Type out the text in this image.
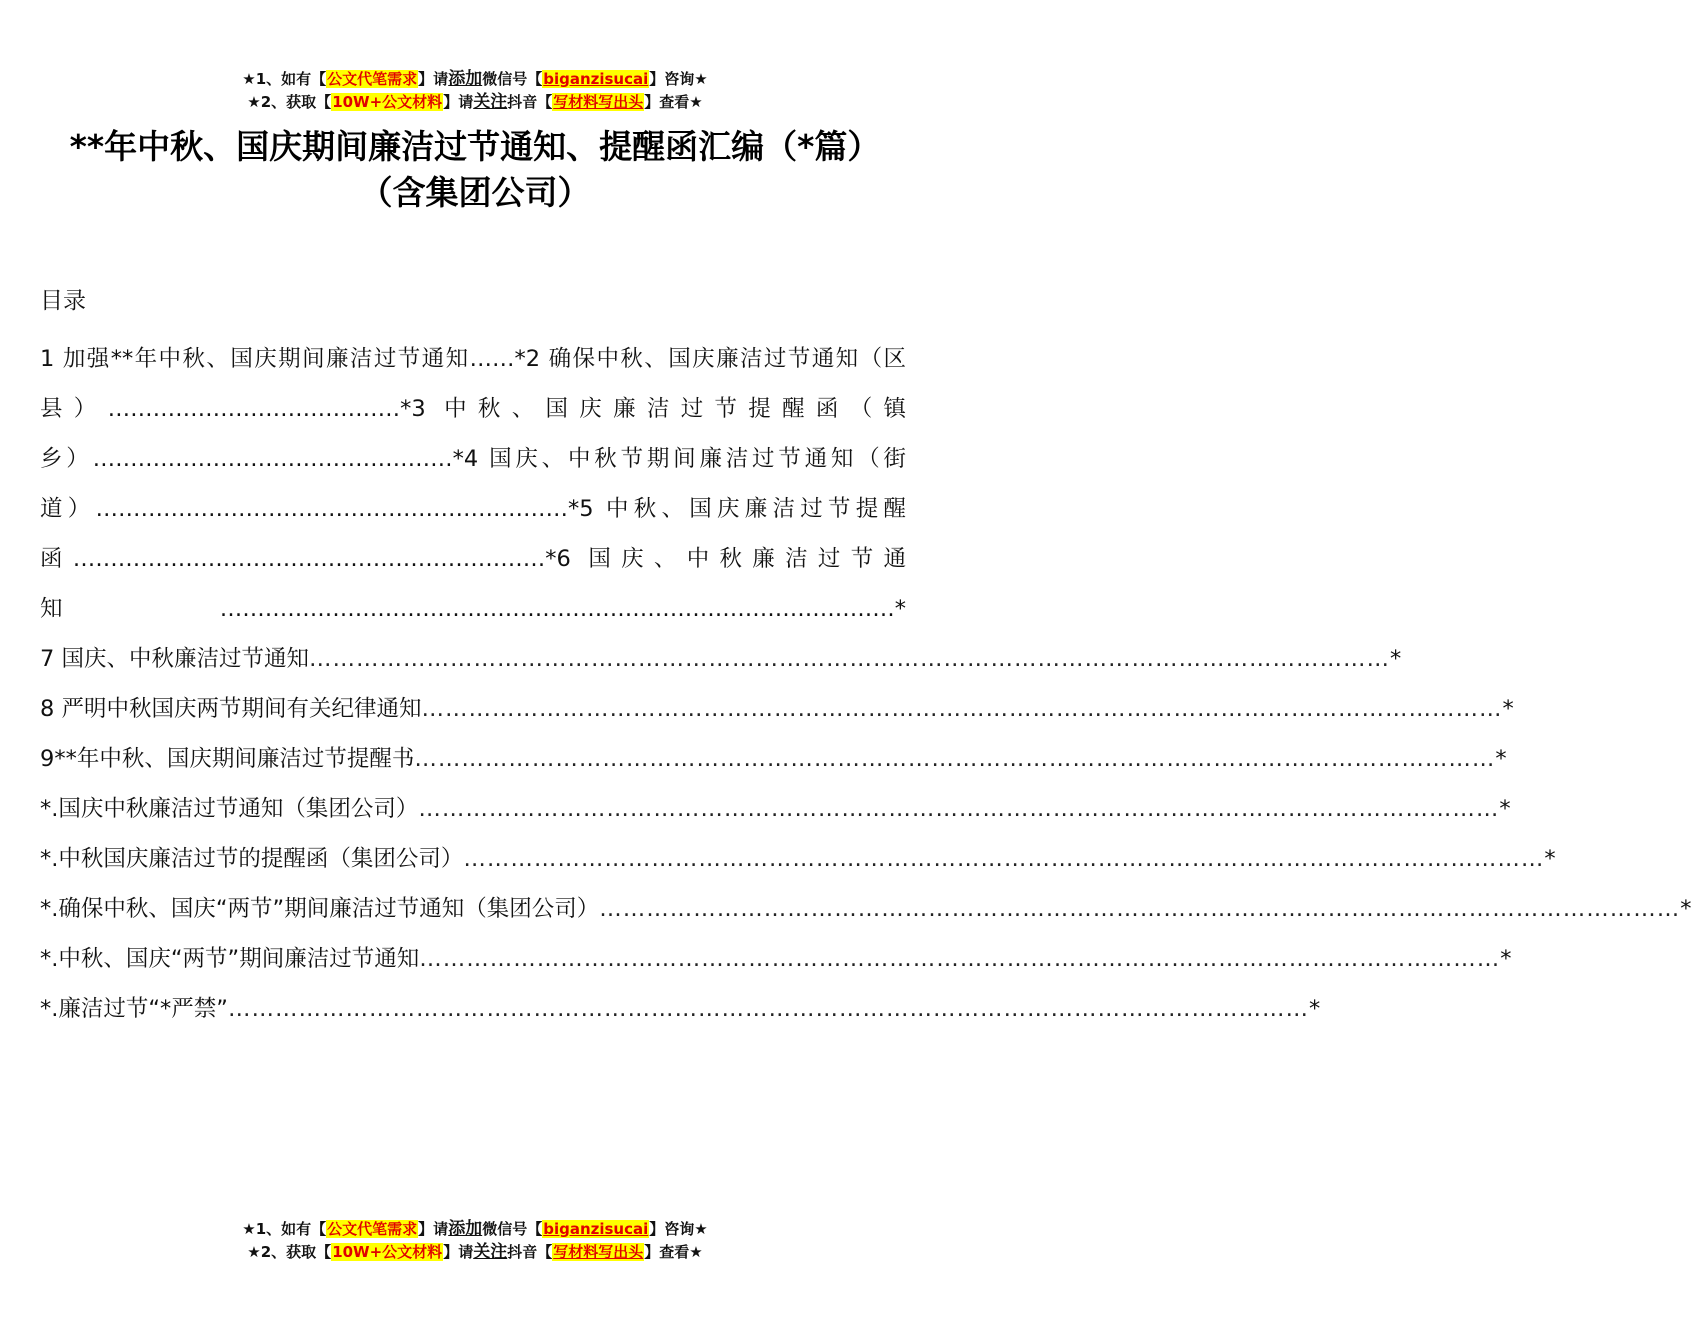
★1、如有【公文代笔需求】请添加微信号【biganzisucai】咨询★
★2、获取【10W+公文材料】请关注抖音【写材料写出头】查看★
**年中秋、国庆期间廉洁过节通知、提醒函汇编（*篇）
（含集团公司）
目录
1 加强**年中秋、国庆期间廉洁过节通知……*2 确保中秋、国庆廉洁过节通知（区县）…………………………………*3 中秋、国庆廉洁过节提醒函（镇乡）…………………………………………*4 国庆、中秋节期间廉洁过节通知（街道）………………………………………………………*5 中秋、国庆廉洁过节提醒函………………………………………………………*6 国庆、中秋廉洁过节通知………………………………………………………………………………*
7 国庆、中秋廉洁过节通知 ………………………………………………………………………………………………………………………… *
8 严明中秋国庆两节期间有关纪律通知 ………………………………………………………………………………………………………………………… *
9**年中秋、国庆期间廉洁过节提醒书 ………………………………………………………………………………………………………………………… *
*.国庆中秋廉洁过节通知（集团公司） ………………………………………………………………………………………………………………………… *
*.中秋国庆廉洁过节的提醒函（集团公司） ………………………………………………………………………………………………………………………… *
*.确保中秋、国庆“两节”期间廉洁过节通知（集团公司） ………………………………………………………………………………………………………………………… *
*.中秋、国庆“两节”期间廉洁过节通知 ………………………………………………………………………………………………………………………… *
*.廉洁过节“*严禁” ………………………………………………………………………………………………………………………… *
★1、如有【公文代笔需求】请添加微信号【biganzisucai】咨询★
★2、获取【10W+公文材料】请关注抖音【写材料写出头】查看★
